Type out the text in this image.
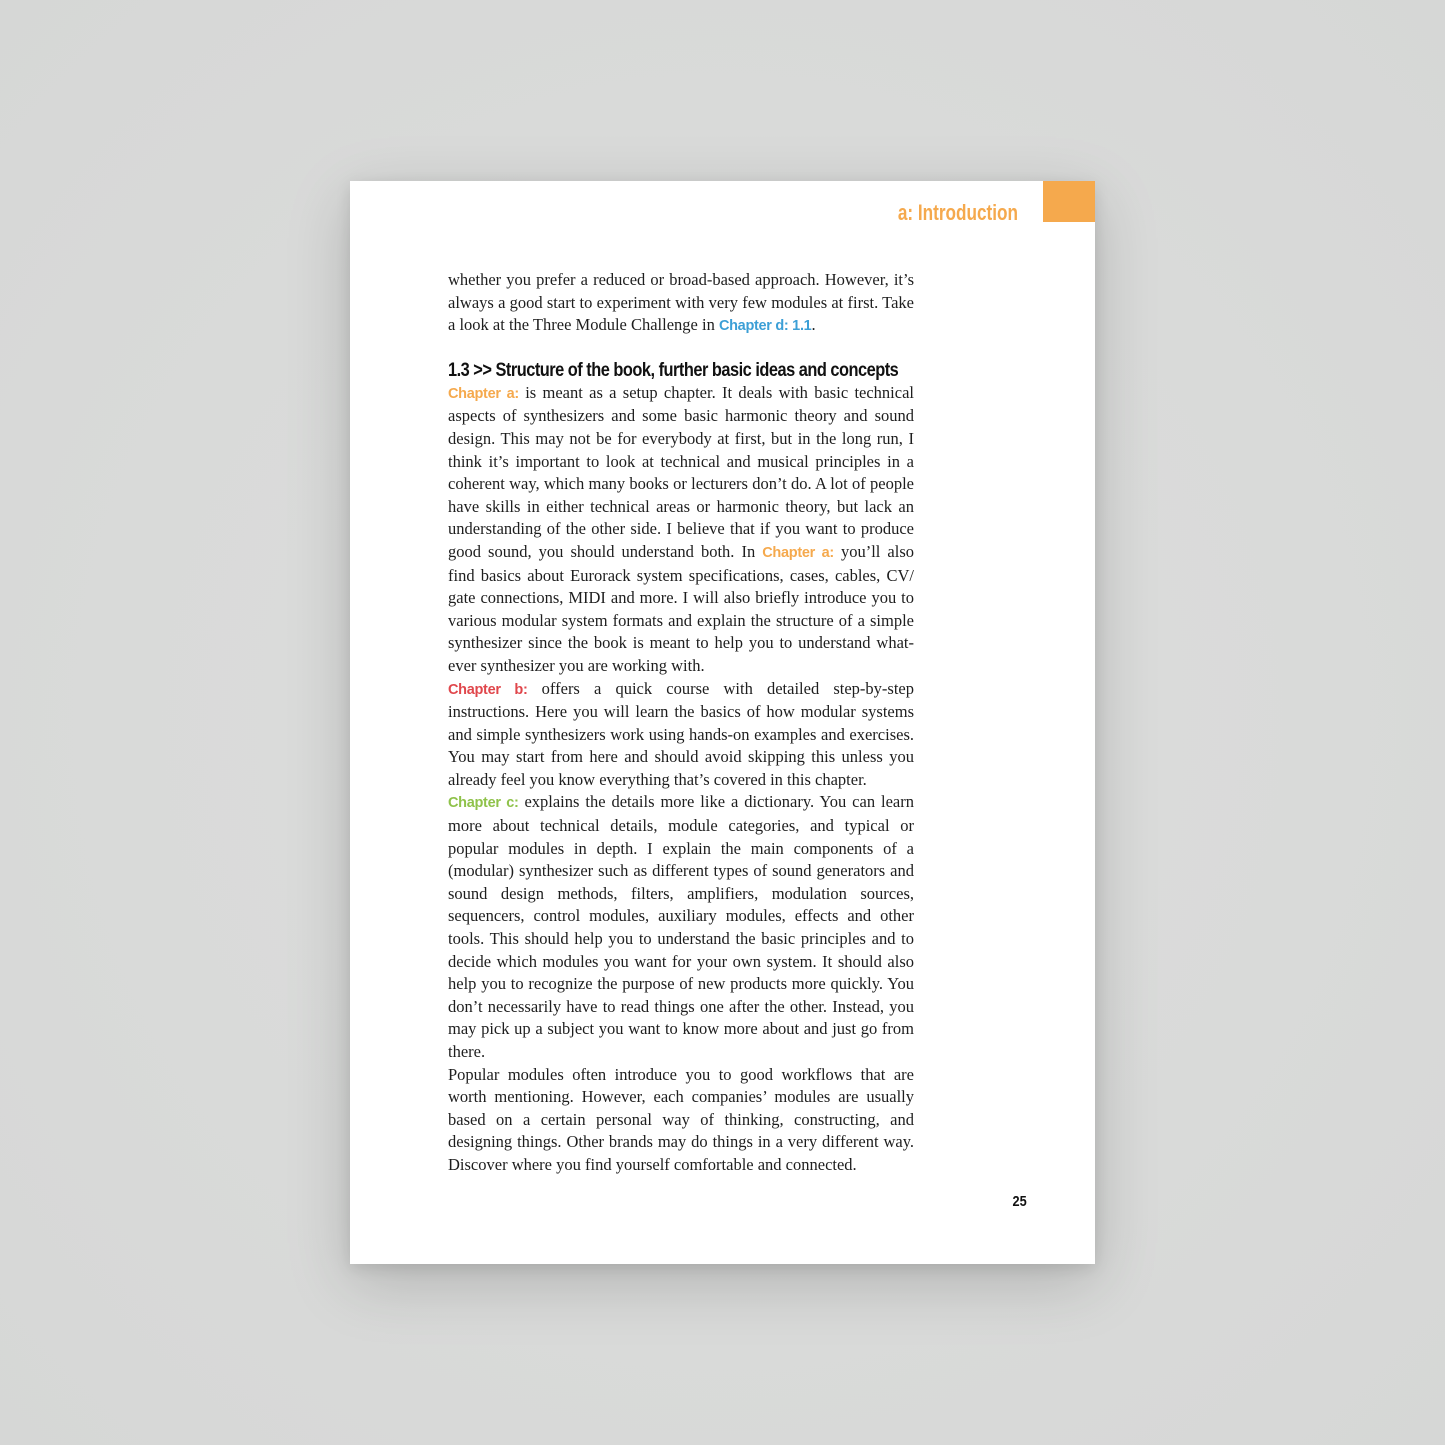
a: Introduction

whether you prefer a reduced or broad-based approach. However, it’s always a good start to experiment with very few modules at first. Take a look at the Three Module Challenge in Chapter d: 1.1.

1.3 >> Structure of the book, further basic ideas and concepts

Chapter a: is meant as a setup chapter. It deals with basic technical aspects of synthesizers and some basic harmonic theory and sound design. This may not be for everybody at first, but in the long run, I think it’s important to look at technical and musical principles in a coherent way, which many books or lecturers don’t do. A lot of people have skills in either technical areas or harmonic theory, but lack an understanding of the other side. I believe that if you want to produce good sound, you should understand both. In Chapter a: you’ll also find basics about Eurorack system specifications, cases, cables, CV/​gate connections, MIDI and more. I will also briefly introduce you to various modular system formats and explain the structure of a simple synthesizer since the book is meant to help you to understand whatever synthesizer you are working with.

Chapter b: offers a quick course with detailed step-by-step instructions. Here you will learn the basics of how modular systems and simple synthesizers work using hands-on examples and exercises. You may start from here and should avoid skipping this unless you already feel you know everything that’s covered in this chapter.

Chapter c: explains the details more like a dictionary. You can learn more about technical details, module categories, and typical or popular modules in depth. I explain the main components of a (modular) synthesizer such as different types of sound generators and sound design methods, filters, amplifiers, modulation sources, sequencers, control modules, auxiliary modules, effects and other tools. This should help you to understand the basic principles and to decide which modules you want for your own system. It should also help you to recognize the purpose of new products more quickly. You don’t necessarily have to read things one after the other. Instead, you may pick up a subject you want to know more about and just go from there.

Popular modules often introduce you to good workflows that are worth mentioning. However, each companies’ modules are usually based on a certain personal way of thinking, constructing, and designing things. Other brands may do things in a very different way. Discover where you find yourself comfortable and connected.

25
